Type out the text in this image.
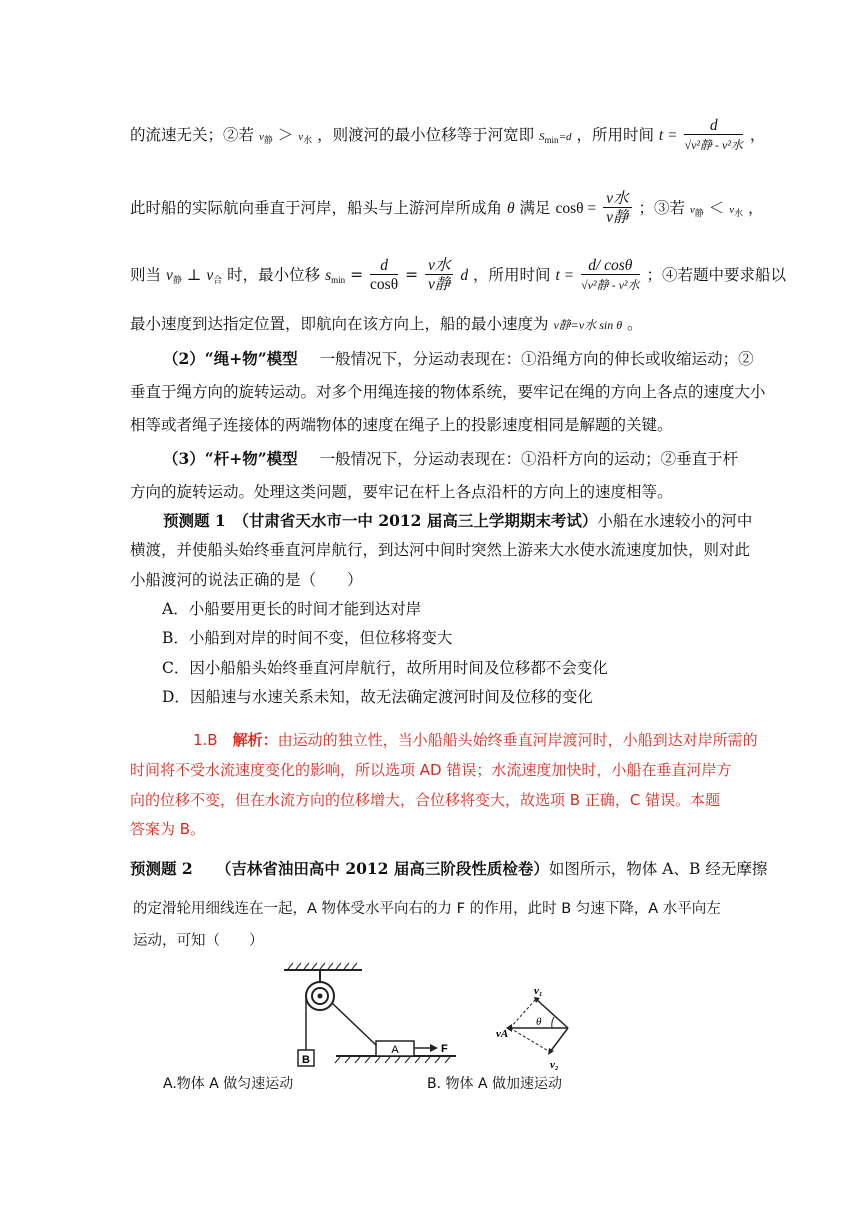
的流速无关；②若 $v_静 > v_水$ ，则渡河的最小位移等于河宽即 $S_{min}=d$ ，所用时间 $t = \frac{d}{\text{√v²静 - v²水}}$ ，
此时船的实际航向垂直于河岸，船头与上游河岸所成角 θ 满足 $\cos\theta = \frac{\text{v水}}{\text{v静}}$ ；③若 $v_静 < v_水$ ，
则当 $v_静$ ⊥ $v_合$ 时，最小位移 $s_{min} = \frac{d}{\cos\theta} = \frac{\text{v水}}{\text{v静}}$ d ，所用时间 $t = \frac{d/ \cos\theta}{\text{√v²静 - v²水}}$ ；④若题中要求船以
最小速度到达指定位置，即航向在该方向上，船的最小速度为 v静=v水 sin θ 。
（2）“绳+物”模型 一般情况下，分运动表现在：①沿绳方向的伸长或收缩运动；②
垂直于绳方向的旋转运动。对多个用绳连接的物体系统，要牢记在绳的方向上各点的速度大小
相等或者绳子连接体的两端物体的速度在绳子上的投影速度相同是解题的关键。
（3）“杆+物”模型 一般情况下，分运动表现在：①沿杆方向的运动；②垂直于杆
方向的旋转运动。处理这类问题，要牢记在杆上各点沿杆的方向上的速度相等。
预测题 1　（甘肃省天水市一中 2012 届高三上学期期末考试）小船在水速较小的河中
横渡，并使船头始终垂直河岸航行，到达河中间时突然上游来大水使水流速度加快，则对此
小船渡河的说法正确的是（　　）
A．小船要用更长的时间才能到达对岸
B．小船到对岸的时间不变，但位移将变大
C．因小船船头始终垂直河岸航行，故所用时间及位移都不会变化
D．因船速与水速关系未知，故无法确定渡河时间及位移的变化
1.B　解析：由运动的独立性，当小船船头始终垂直河岸渡河时，小船到达对岸所需的
时间将不受水流速度变化的影响，所以选项 AD 错误；水流速度加快时，小船在垂直河岸方
向的位移不变，但在水流方向的位移增大，合位移将变大，故选项 B 正确，C 错误。本题
答案为 B。
预测题 2　　（吉林省油田高中 2012 届高三阶段性质检卷）如图所示，物体 A、B 经无摩擦
的定滑轮用细线连在一起，A 物体受水平向右的力 F 的作用，此时 B 匀速下降，A 水平向左
运动，可知（　　）
B
A	F
v₁
vA
v₂
θ
A.物体 A 做匀速运动	B. 物体 A 做加速运动
